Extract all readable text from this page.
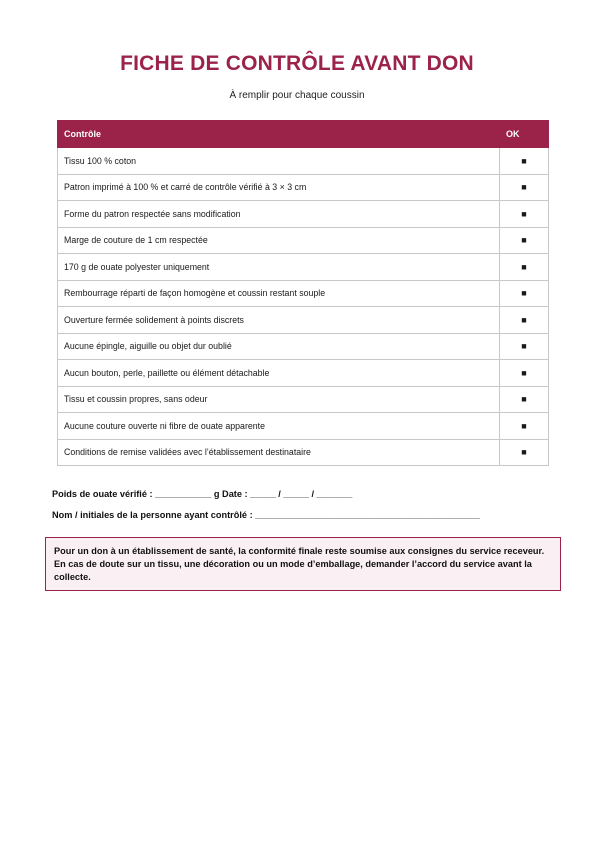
FICHE DE CONTRÔLE AVANT DON
À remplir pour chaque coussin
Contrôle	OK
Tissu 100 % coton	■
Patron imprimé à 100 % et carré de contrôle vérifié à 3 × 3 cm	■
Forme du patron respectée sans modification	■
Marge de couture de 1 cm respectée	■
170 g de ouate polyester uniquement	■
Rembourrage réparti de façon homogène et coussin restant souple	■
Ouverture fermée solidement à points discrets	■
Aucune épingle, aiguille ou objet dur oublié	■
Aucun bouton, perle, paillette ou élément détachable	■
Tissu et coussin propres, sans odeur	■
Aucune couture ouverte ni fibre de ouate apparente	■
Conditions de remise validées avec l’établissement destinataire	■
Poids de ouate vérifié : ___________ g Date : _____ / _____ / _______
Nom / initiales de la personne ayant contrôlé : ____________________________________________
Pour un don à un établissement de santé, la conformité finale reste soumise aux consignes du service receveur. En cas de doute sur un tissu, une décoration ou un mode d’emballage, demander l’accord du service avant la collecte.
